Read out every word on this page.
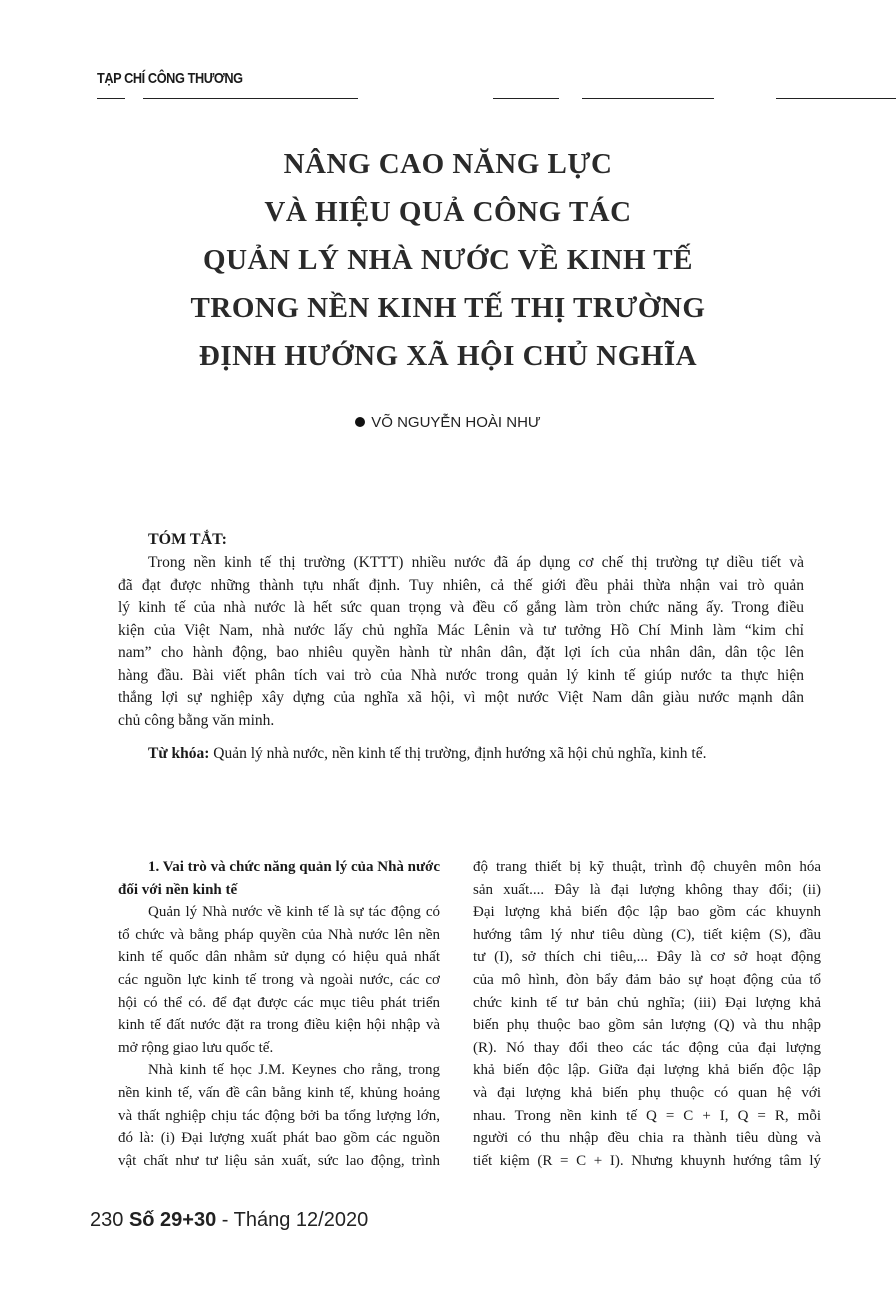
TẠP CHÍ CÔNG THƯƠNG
NÂNG CAO NĂNG LỰC
VÀ HIỆU QUẢ CÔNG TÁC
QUẢN LÝ NHÀ NƯỚC VỀ KINH TẾ
TRONG NỀN KINH TẾ THỊ TRƯỜNG
ĐỊNH HƯỚNG XÃ HỘI CHỦ NGHĨA
VÕ NGUYỄN HOÀI NHƯ
TÓM TẮT:
Trong nền kinh tế thị trường (KTTT) nhiều nước đã áp dụng cơ chế thị trường tự diều tiết và
đã đạt được những thành tựu nhất định. Tuy nhiên, cả thế giới đều phải thừa nhận vai trò quản
lý kinh tế của nhà nước là hết sức quan trọng và đều cố gắng làm tròn chức năng ấy. Trong điều
kiện của Việt Nam, nhà nước lấy chủ nghĩa Mác Lênin và tư tưởng Hồ Chí Minh làm “kim chỉ
nam” cho hành động, bao nhiêu quyền hành từ nhân dân, đặt lợi ích của nhân dân, dân tộc lên
hàng đầu. Bài viết phân tích vai trò của Nhà nước trong quản lý kinh tế giúp nước ta thực hiện
thắng lợi sự nghiệp xây dựng của nghĩa xã hội, vì một nước Việt Nam dân giàu nước mạnh dân
chủ công bằng văn minh.
Từ khóa: Quản lý nhà nước, nền kinh tế thị trường, định hướng xã hội chủ nghĩa, kinh tế.
1. Vai trò và chức năng quản lý của Nhà nước
đối với nền kinh tế
Quản lý Nhà nước về kinh tế là sự tác động có
tổ chức và bằng pháp quyền của Nhà nước lên nền
kinh tế quốc dân nhằm sử dụng có hiệu quả nhất
các nguồn lực kinh tế trong và ngoài nước, các cơ
hội có thể có. để đạt được các mục tiêu phát triển
kinh tế đất nước đặt ra trong điều kiện hội nhập và
mở rộng giao lưu quốc tế.
Nhà kinh tế học J.M. Keynes cho rằng, trong
nền kinh tế, vấn đề cân bằng kinh tế, khủng hoảng
và thất nghiệp chịu tác động bởi ba tổng lượng lớn,
đó là: (i) Đại lượng xuất phát bao gồm các nguồn
vật chất như tư liệu sản xuất, sức lao động, trình
độ trang thiết bị kỹ thuật, trình độ chuyên môn hóa
sản xuất.... Đây là đại lượng không thay đổi; (ii)
Đại lượng khả biến độc lập bao gồm các khuynh
hướng tâm lý như tiêu dùng (C), tiết kiệm (S), đầu
tư (I), sở thích chi tiêu,... Đây là cơ sở hoạt động
của mô hình, đòn bẩy đảm bảo sự hoạt động của tổ
chức kinh tế tư bản chủ nghĩa; (iii) Đại lượng khả
biến phụ thuộc bao gồm sản lượng (Q) và thu nhập
(R). Nó thay đổi theo các tác động của đại lượng
khả biến độc lập. Giữa đại lượng khả biến độc lập
và đại lượng khả biến phụ thuộc có quan hệ với
nhau. Trong nền kinh tế Q = C + I, Q = R, mỗi
người có thu nhập đều chia ra thành tiêu dùng và
tiết kiệm (R = C + I). Nhưng khuynh hướng tâm lý
230 Số 29+30 - Tháng 12/2020
